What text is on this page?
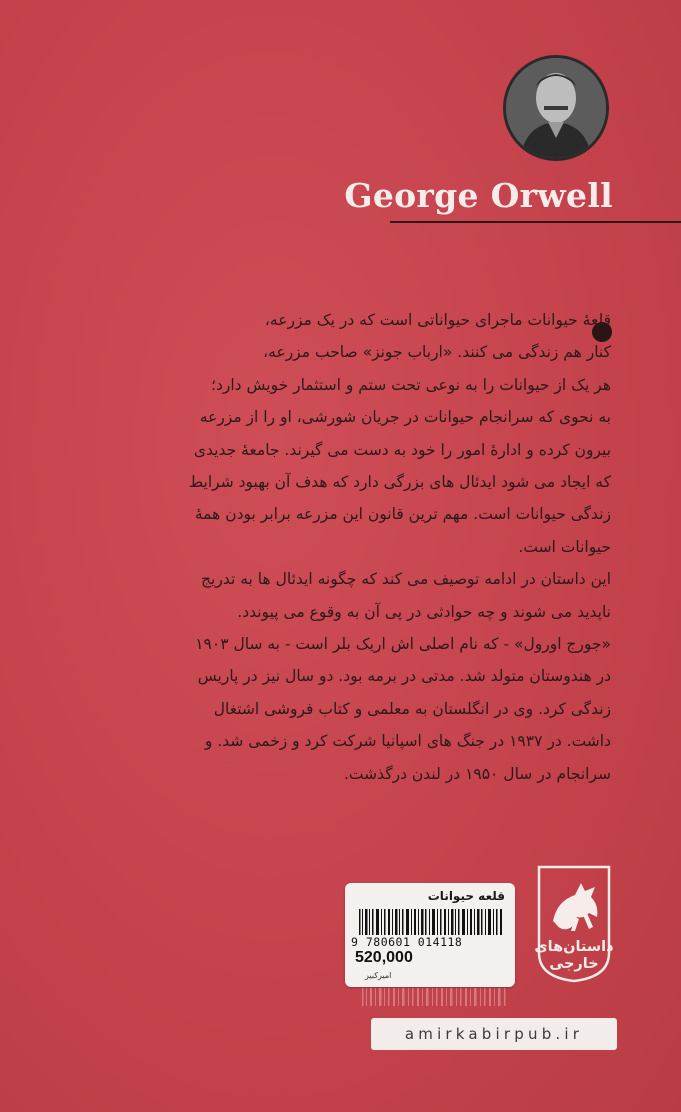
George Orwell

قلعهٔ حیوانات ماجرای حیواناتی است که در یک مزرعه،

کنار هم زندگی می کنند. «ارباب جونز» صاحب مزرعه،

هر یک از حیوانات را به نوعی تحت ستم و استثمار خویش دارد؛

به نحوی که سرانجام حیوانات در جریان شورشی، او را از مزرعه

بیرون کرده و ادارهٔ امور را خود به دست می گیرند. جامعهٔ جدیدی

که ایجاد می شود ایدئال های بزرگی دارد که هدف آن بهبود شرایط

زندگی حیوانات است. مهم ترین قانون این مزرعه برابر بودن همهٔ

حیوانات است.

این داستان در ادامه توصیف می کند که چگونه ایدئال ها به تدریج

ناپدید می شوند و چه حوادثی در پی آن به وقوع می پیوندد.

«جورج اورول» - که نام اصلی اش اریک بلر است - به سال ۱۹۰۳

در هندوستان متولد شد. مدتی در برمه بود. دو سال نیز در پاریس

زندگی کرد. وی در انگلستان به معلمی و کتاب فروشی اشتغال

داشت. در ۱۹۳۷ در جنگ های اسپانیا شرکت کرد و زخمی شد. و

سرانجام در سال ۱۹۵۰ در لندن درگذشت.

قلعه حیوانات
9 780601 014118
520,000
امیرکبیر
داستان‌های
خارجی
amirkabirpub.ir
